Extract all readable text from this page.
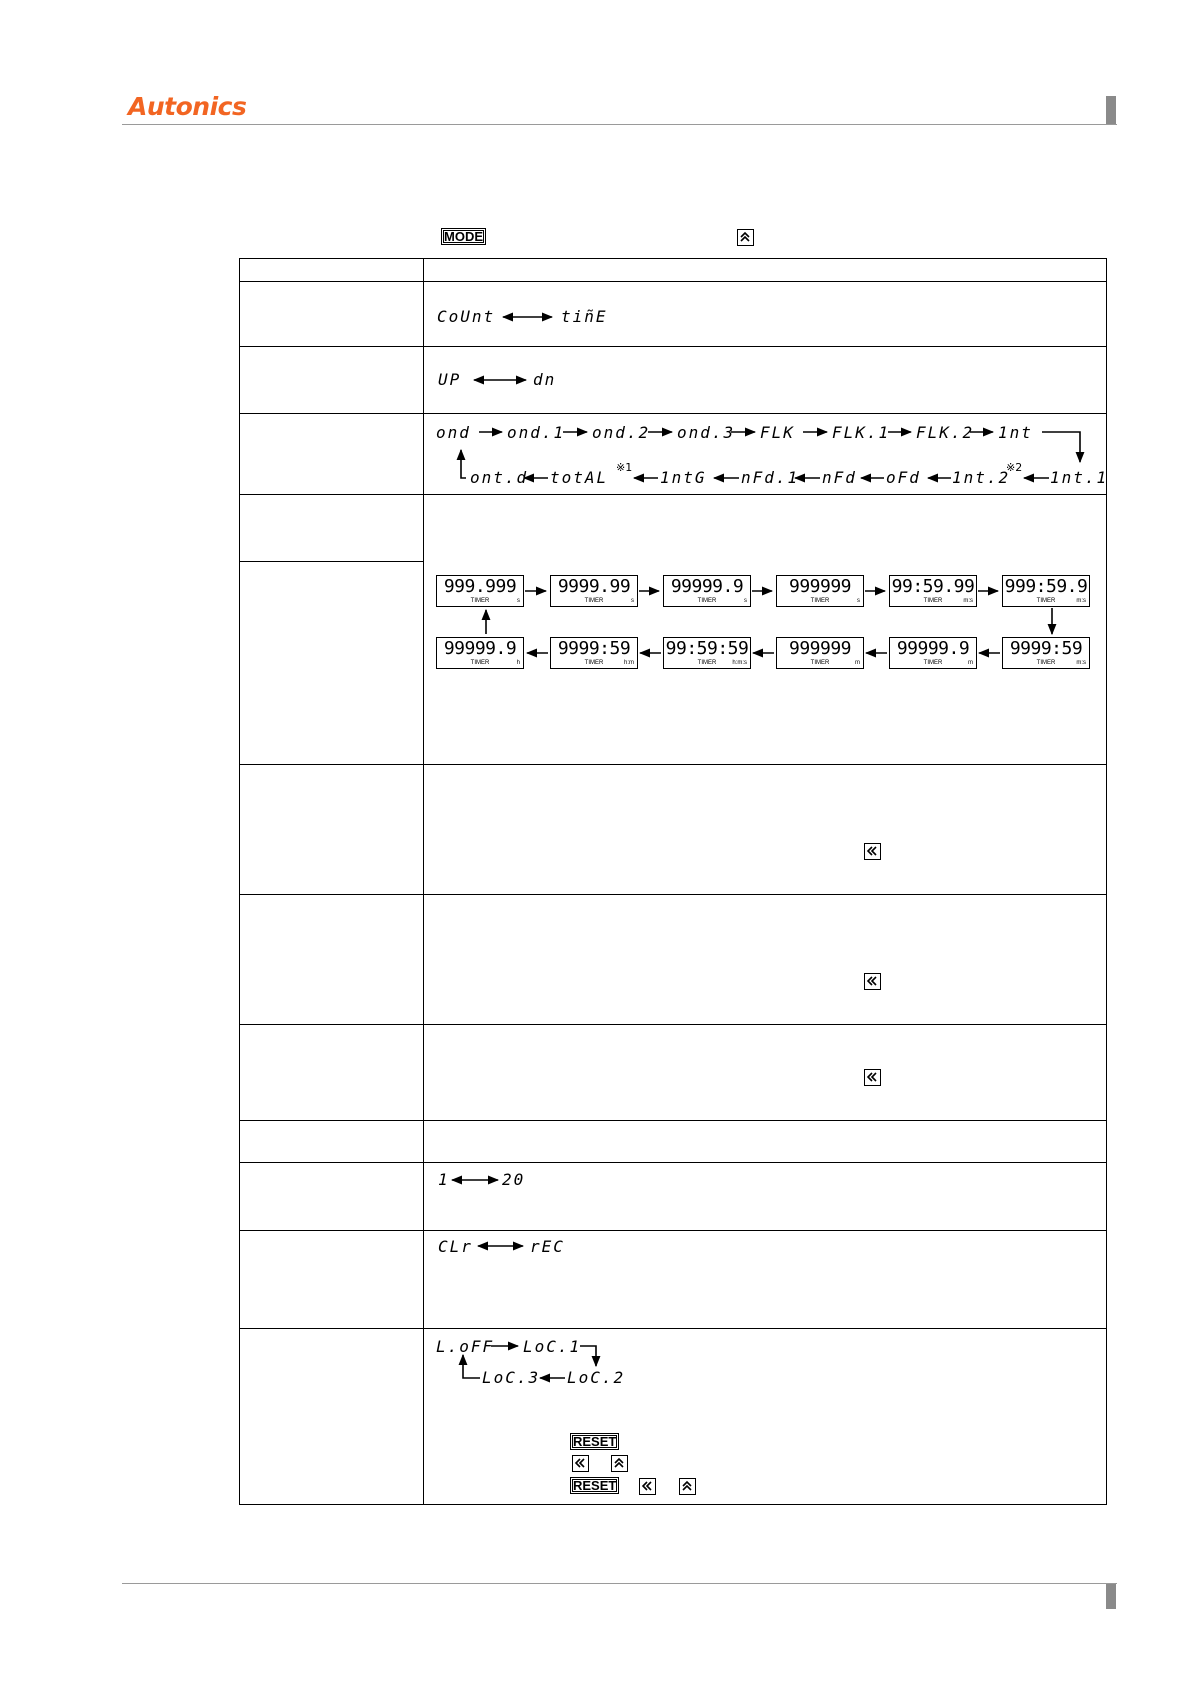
Autonics
MODE
CoUnt	tiñE
UP	dn
ond ond.1 ond.2 ond.3 FLK FLK.1 FLK.2 1nt
ont.d totAL
※1
1ntG nFd.1 nFd oFd 1nt.2
※2
1nt.1
999.999
TIMER	s
9999.99
TIMER	s
99999.9
TIMER	s
999999
TIMER	s
99:59.99
TIMER	m:s
999:59.9
TIMER	m:s
99999.9
TIMER	h
9999:59
TIMER	h:m
99:59:59
TIMER	h:m:s
999999
TIMER	m
99999.9
TIMER	m
9999:59
TIMER	m:s
1	20
CLr	rEC
L.oFF LoC.1
LoC.2
LoC.3
RESET
RESET
